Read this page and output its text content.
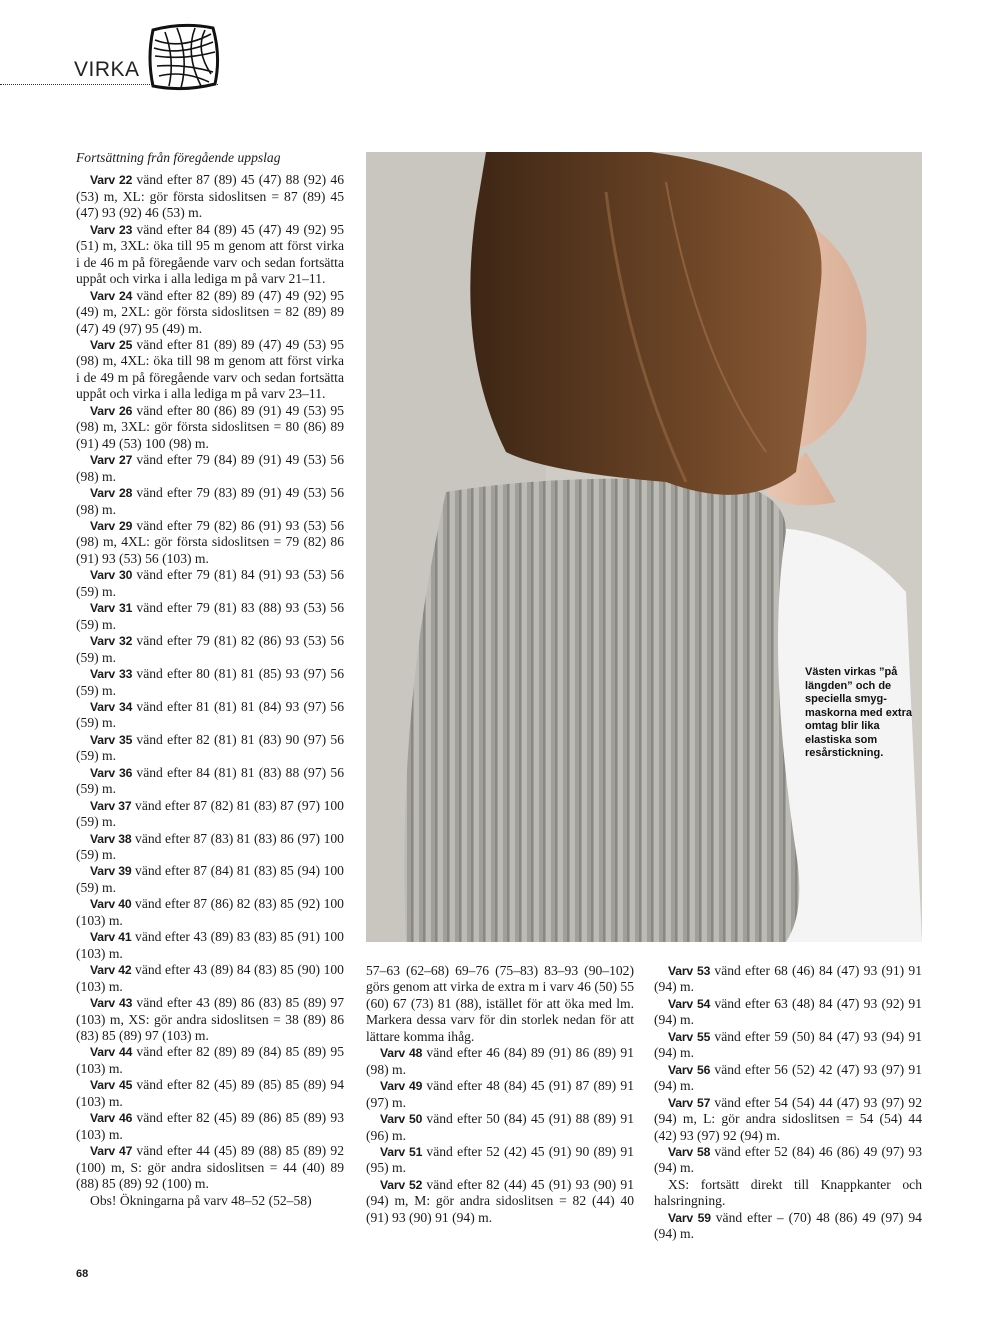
VIRKA

Fortsättning från föregående uppslag

Varv 22 vänd efter 87 (89) 45 (47) 88 (92) 46 (53) m, XL: gör första sidoslitsen = 87 (89) 45 (47) 93 (92) 46 (53) m.

Varv 23 vänd efter 84 (89) 45 (47) 49 (92) 95 (51) m, 3XL: öka till 95 m genom att först virka i de 46 m på föregående varv och sedan fortsätta uppåt och virka i alla lediga m på varv 21–11.

Varv 24 vänd efter 82 (89) 89 (47) 49 (92) 95 (49) m, 2XL: gör första sidoslitsen = 82 (89) 89 (47) 49 (97) 95 (49) m.

Varv 25 vänd efter 81 (89) 89 (47) 49 (53) 95 (98) m, 4XL: öka till 98 m genom att först virka i de 49 m på föregående varv och sedan fortsätta uppåt och virka i alla lediga m på varv 23–11.

Varv 26 vänd efter 80 (86) 89 (91) 49 (53) 95 (98) m, 3XL: gör första sidoslitsen = 80 (86) 89 (91) 49 (53) 100 (98) m.

Varv 27 vänd efter 79 (84) 89 (91) 49 (53) 56 (98) m.

Varv 28 vänd efter 79 (83) 89 (91) 49 (53) 56 (98) m.

Varv 29 vänd efter 79 (82) 86 (91) 93 (53) 56 (98) m, 4XL: gör första sidoslitsen = 79 (82) 86 (91) 93 (53) 56 (103) m.

Varv 30 vänd efter 79 (81) 84 (91) 93 (53) 56 (59) m.

Varv 31 vänd efter 79 (81) 83 (88) 93 (53) 56 (59) m.

Varv 32 vänd efter 79 (81) 82 (86) 93 (53) 56 (59) m.

Varv 33 vänd efter 80 (81) 81 (85) 93 (97) 56 (59) m.

Varv 34 vänd efter 81 (81) 81 (84) 93 (97) 56 (59) m.

Varv 35 vänd efter 82 (81) 81 (83) 90 (97) 56 (59) m.

Varv 36 vänd efter 84 (81) 81 (83) 88 (97) 56 (59) m.

Varv 37 vänd efter 87 (82) 81 (83) 87 (97) 100 (59) m.

Varv 38 vänd efter 87 (83) 81 (83) 86 (97) 100 (59) m.

Varv 39 vänd efter 87 (84) 81 (83) 85 (94) 100 (59) m.

Varv 40 vänd efter 87 (86) 82 (83) 85 (92) 100 (103) m.

Varv 41 vänd efter 43 (89) 83 (83) 85 (91) 100 (103) m.

Varv 42 vänd efter 43 (89) 84 (83) 85 (90) 100 (103) m.

Varv 43 vänd efter 43 (89) 86 (83) 85 (89) 97 (103) m, XS: gör andra sidoslitsen = 38 (89) 86 (83) 85 (89) 97 (103) m.

Varv 44 vänd efter 82 (89) 89 (84) 85 (89) 95 (103) m.

Varv 45 vänd efter 82 (45) 89 (85) 85 (89) 94 (103) m.

Varv 46 vänd efter 82 (45) 89 (86) 85 (89) 93 (103) m.

Varv 47 vänd efter 44 (45) 89 (88) 85 (89) 92 (100) m, S: gör andra sidoslitsen = 44 (40) 89 (88) 85 (89) 92 (100) m.

Obs! Ökningarna på varv 48–52 (52–58)

Västen virkas ”på längden” och de speciella smygmaskorna med extra omtag blir lika elastiska som resårstickning.

57–63 (62–68) 69–76 (75–83) 83–93 (90–102) görs genom att virka de extra m i varv 46 (50) 55 (60) 67 (73) 81 (88), istället för att öka med lm. Markera dessa varv för din storlek nedan för att lättare komma ihåg.

Varv 48 vänd efter 46 (84) 89 (91) 86 (89) 91 (98) m.

Varv 49 vänd efter 48 (84) 45 (91) 87 (89) 91 (97) m.

Varv 50 vänd efter 50 (84) 45 (91) 88 (89) 91 (96) m.

Varv 51 vänd efter 52 (42) 45 (91) 90 (89) 91 (95) m.

Varv 52 vänd efter 82 (44) 45 (91) 93 (90) 91 (94) m, M: gör andra sidoslitsen = 82 (44) 40 (91) 93 (90) 91 (94) m.

Varv 53 vänd efter 68 (46) 84 (47) 93 (91) 91 (94) m.

Varv 54 vänd efter 63 (48) 84 (47) 93 (92) 91 (94) m.

Varv 55 vänd efter 59 (50) 84 (47) 93 (94) 91 (94) m.

Varv 56 vänd efter 56 (52) 42 (47) 93 (97) 91 (94) m.

Varv 57 vänd efter 54 (54) 44 (47) 93 (97) 92 (94) m, L: gör andra sidoslitsen = 54 (54) 44 (42) 93 (97) 92 (94) m.

Varv 58 vänd efter 52 (84) 46 (86) 49 (97) 93 (94) m.

XS: fortsätt direkt till Knappkanter och halsringning.

Varv 59 vänd efter – (70) 48 (86) 49 (97) 94 (94) m.

68
